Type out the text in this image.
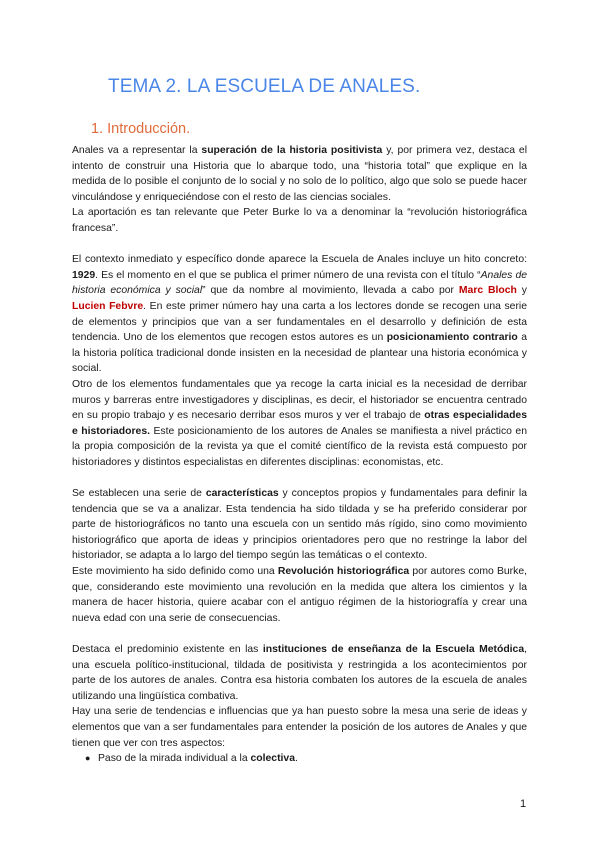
TEMA 2. LA ESCUELA DE ANALES.
1. Introducción.

Anales va a representar la superación de la historia positivista y, por primera vez, destaca el intento de construir una Historia que lo abarque todo, una “historia total” que explique en la medida de lo posible el conjunto de lo social y no solo de lo político, algo que solo se puede hacer vinculándose y enriqueciéndose con el resto de las ciencias sociales.

La aportación es tan relevante que Peter Burke lo va a denominar la “revolución historiográfica francesa”.

El contexto inmediato y específico donde aparece la Escuela de Anales incluye un hito concreto: 1929. Es el momento en el que se publica el primer número de una revista con el título “Anales de historia económica y social” que da nombre al movimiento, llevada a cabo por Marc Bloch y Lucien Febvre. En este primer número hay una carta a los lectores donde se recogen una serie de elementos y principios que van a ser fundamentales en el desarrollo y definición de esta tendencia. Uno de los elementos que recogen estos autores es un posicionamiento contrario a la historia política tradicional donde insisten en la necesidad de plantear una historia económica y social.

Otro de los elementos fundamentales que ya recoge la carta inicial es la necesidad de derribar muros y barreras entre investigadores y disciplinas, es decir, el historiador se encuentra centrado en su propio trabajo y es necesario derribar esos muros y ver el trabajo de otras especialidades e historiadores. Este posicionamiento de los autores de Anales se manifiesta a nivel práctico en la propia composición de la revista ya que el comité científico de la revista está compuesto por historiadores y distintos especialistas en diferentes disciplinas: economistas, etc.

Se establecen una serie de características y conceptos propios y fundamentales para definir la tendencia que se va a analizar. Esta tendencia ha sido tildada y se ha preferido considerar por parte de historiográficos no tanto una escuela con un sentido más rígido, sino como movimiento historiográfico que aporta de ideas y principios orientadores pero que no restringe la labor del historiador, se adapta a lo largo del tiempo según las temáticas o el contexto.

Este movimiento ha sido definido como una Revolución historiográfica por autores como Burke, que, considerando este movimiento una revolución en la medida que altera los cimientos y la manera de hacer historia, quiere acabar con el antiguo régimen de la historiografía y crear una nueva edad con una serie de consecuencias.

Destaca el predominio existente en las instituciones de enseñanza de la Escuela Metódica, una escuela político-institucional, tildada de positivista y restringida a los acontecimientos por parte de los autores de anales. Contra esa historia combaten los autores de la escuela de anales utilizando una lingüística combativa.

Hay una serie de tendencias e influencias que ya han puesto sobre la mesa una serie de ideas y elementos que van a ser fundamentales para entender la posición de los autores de Anales y que tienen que ver con tres aspectos:

● Paso de la mirada individual a la colectiva.
1
